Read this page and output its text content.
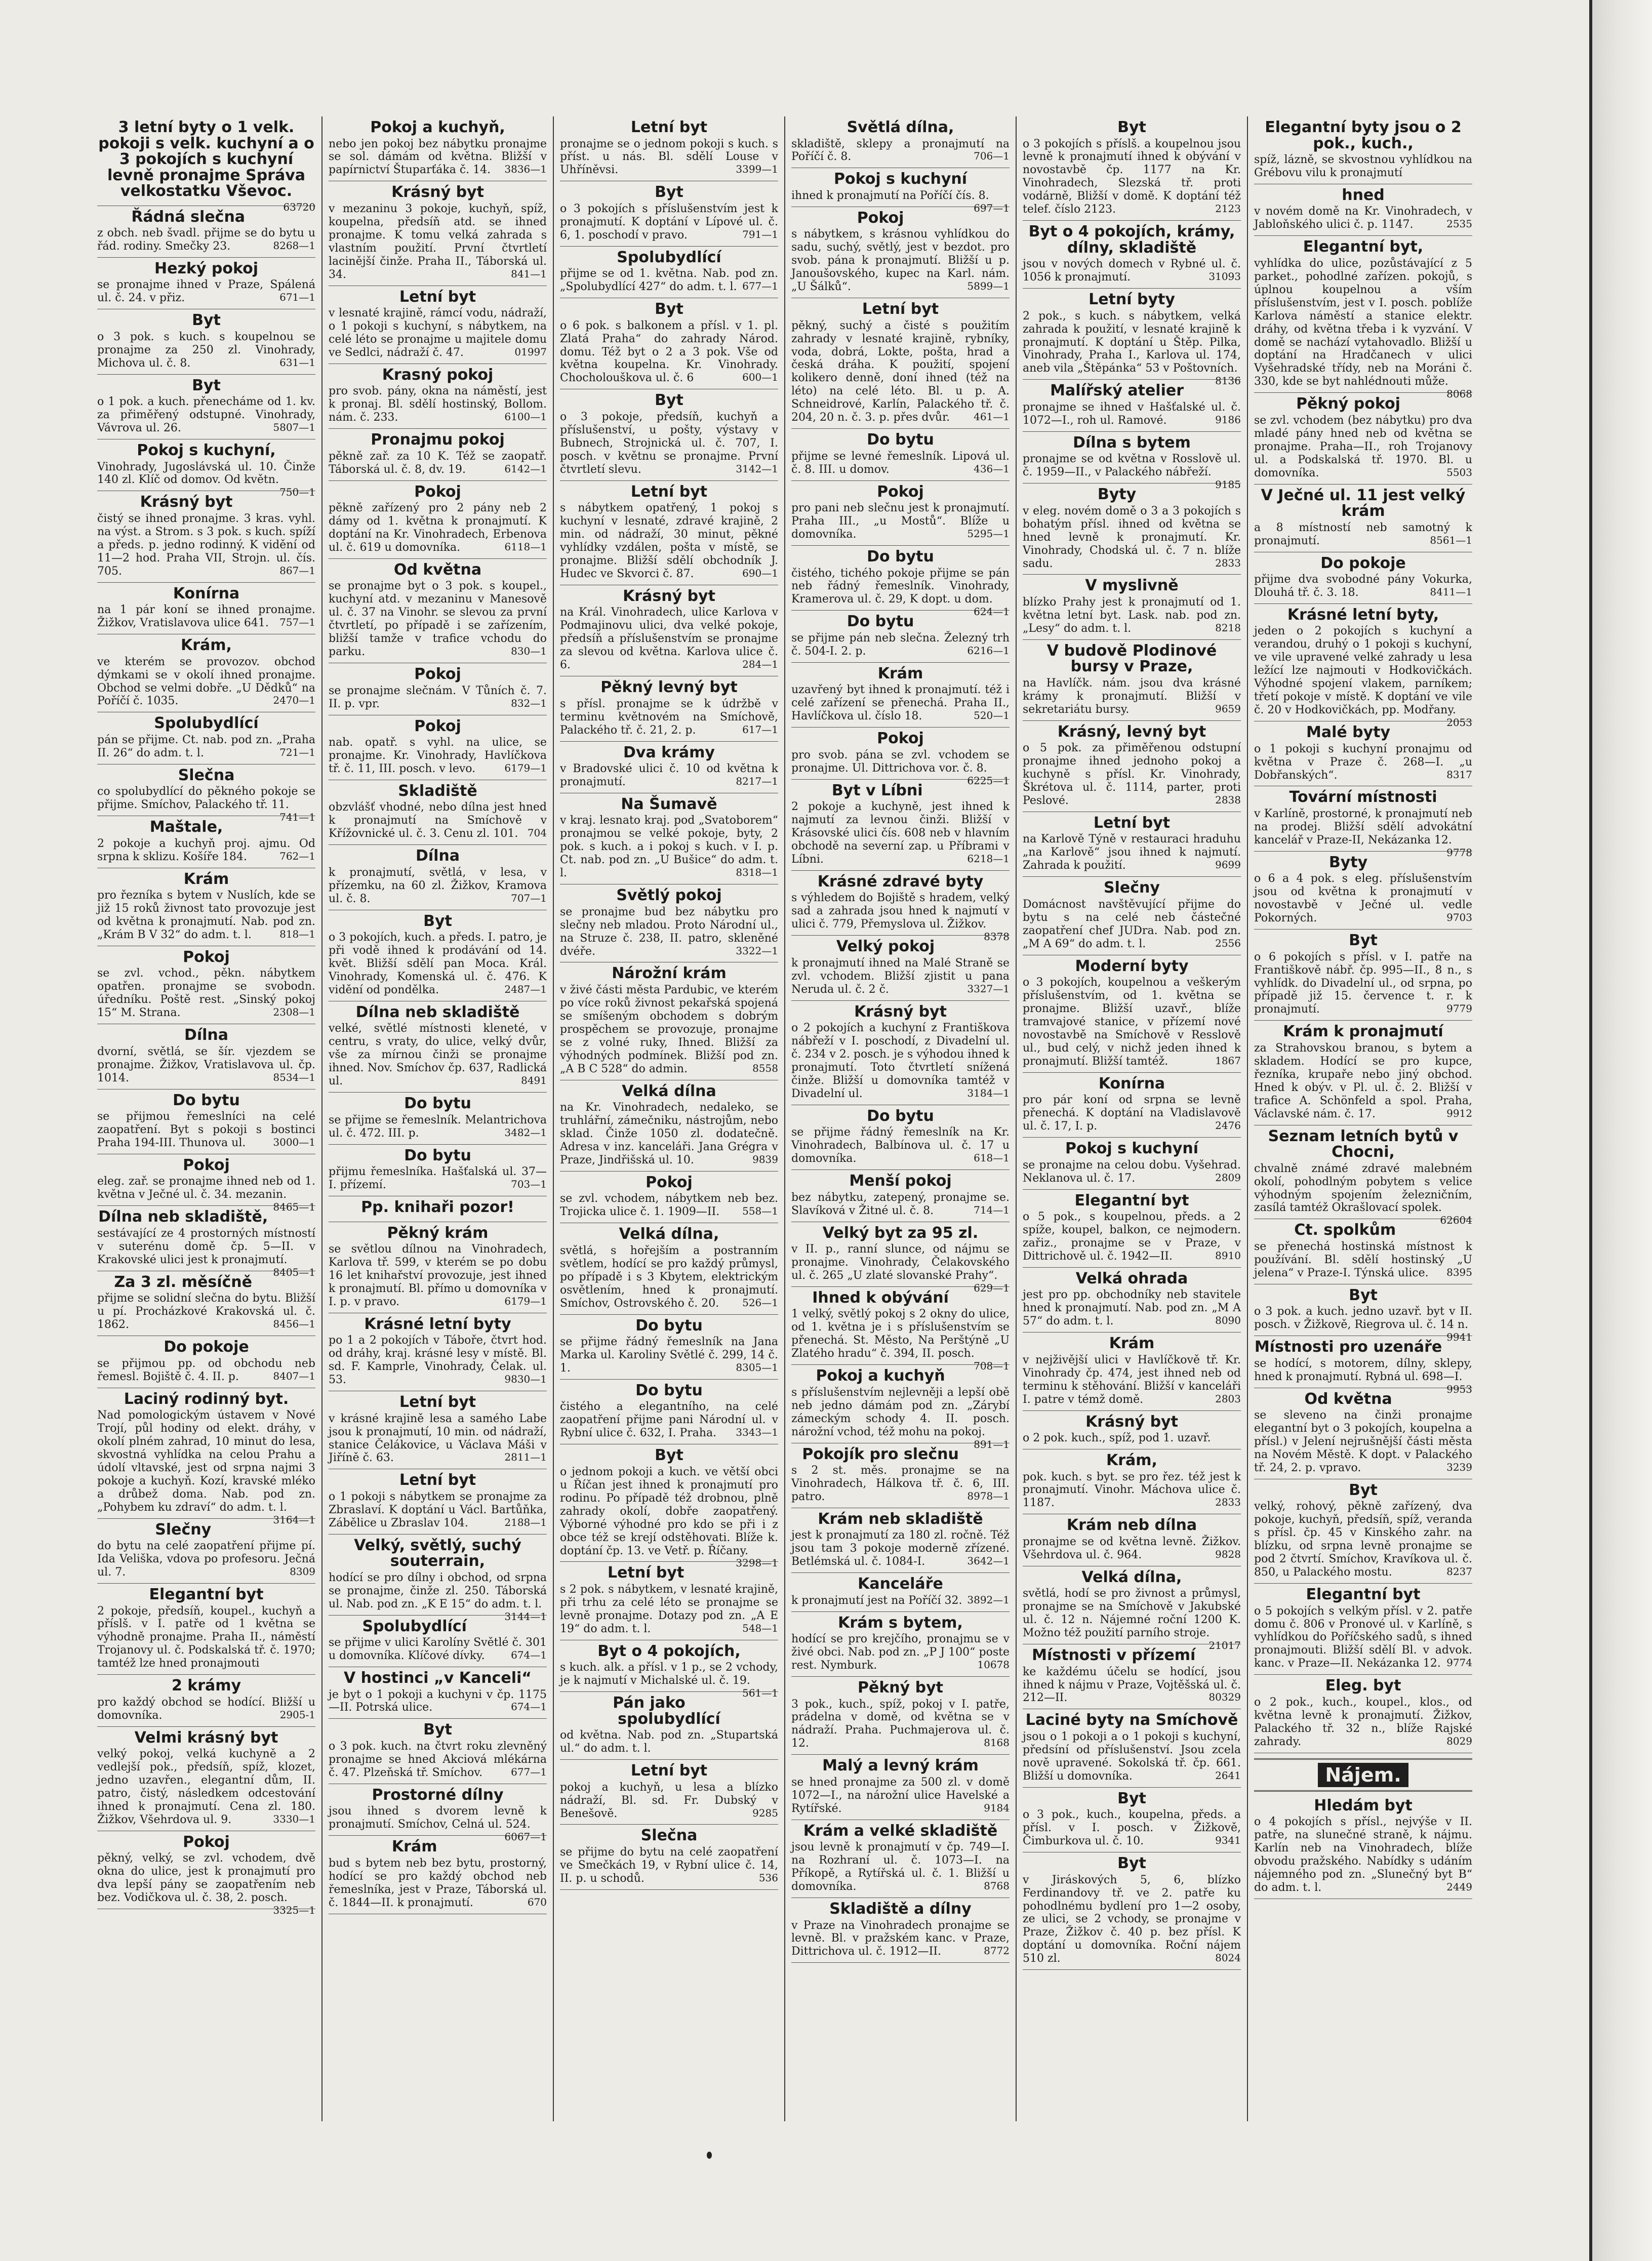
3 letní byty o 1 velk. pokoji s velk. kuchyní a o 3 pokojích s kuchyní levně pronajme Správa velkostatku Vševoc.

63720

Řádná slečna

z obch. neb švadl. přijme se do bytu u řád. rodiny. Smečky 23.	8268—1

Hezký pokoj

se pronajme ihned v Praze, Spálená ul. č. 24. v přiz.	671—1

Byt

o 3 pok. s kuch. s koupelnou se pronajme za 250 zl. Vinohrady, Michova ul. č. 8.	631—1

Byt

o 1 pok. a kuch. přenecháme od 1. kv. za přiměřený odstupné. Vinohrady, Vávrova ul. 26.	5807—1

Pokoj s kuchyní,

Vinohrady, Jugoslávská ul. 10. Činže 140 zl. Klíč od domov. Od květn.
750—1

Krásný byt

čistý se ihned pronajme. 3 kras. vyhl. na výst. a Strom. s 3 pok. s kuch. spíží a předs. p. jedno rodinný. K vidění od 11—2 hod. Praha VII, Strojn. ul. čís. 705.	867—1

Konírna

na 1 pár koní se ihned pronajme. Žižkov, Vratislavova ulice 641. 757—1

Krám,

ve kterém se provozov. obchod dýmkami se v okolí ihned pronajme. Obchod se velmi dobře. „U Dědků“ na Poříčí č. 1035.	2470—1

Spolubydlící

pán se přijme. Ct. nab. pod zn. „Praha II. 26“ do adm. t. l.	721—1

Slečna

co spolubydlící do pěkného pokoje se přijme. Smíchov, Palackého tř. 11.
741—1

Maštale,

2 pokoje a kuchyň proj. ajmu. Od srpna k sklizu. Košíře 184.	762—1

Krám

pro řezníka s bytem v Nuslích, kde se již 15 roků živnost tato provozuje jest od května k pronajmutí. Nab. pod zn. „Krám B V 32“ do adm. t. l.	818—1

Pokoj

se zvl. vchod., pěkn. nábytkem opatřen. pronajme se svobodn. úředníku. Poště rest. „Sinský pokoj 15“ M. Strana.	2308—1

Dílna

dvorní, světlá, se šír. vjezdem se pronajme. Žižkov, Vratislavova ul. čp. 1014.	8534—1

Do bytu

se přijmou řemeslníci na celé zaopatření. Byt s pokoji s bostinci Praha 194-III. Thunova ul.	3000—1

Pokoj

eleg. zař. se pronajme ihned neb od 1. května v Ječné ul. č. 34. mezanin.
8465—1

Dílna neb skladiště,

sestávající ze 4 prostorných místností v suterénu domě čp. 5—II. v Krakovské ulici jest k pronajmutí.
8405—1

Za 3 zl. měsíčně

přijme se solidní slečna do bytu. Bližší u pí. Procházkové Krakovská ul. č. 1862.	8456—1

Do pokoje

se přijmou pp. od obchodu neb řemesl. Bojiště č. 4. II. p.	8407—1

Laciný rodinný byt.

Nad pomologickým ústavem v Nové Trojí, půl hodiny od elekt. dráhy, v okolí plném zahrad, 10 minut do lesa, skvostná vyhlídka na celou Prahu a údolí vltavské, jest od srpna najmi 3 pokoje a kuchyň. Kozí, kravské mléko a drůbež doma. Nab. pod zn. „Pohybem ku zdraví“ do adm. t. l.
3164—1

Slečny

do bytu na celé zaopatření přijme pí. Ida Veliška, vdova po profesoru. Ječná ul. 7.	8309

Elegantní byt

2 pokoje, předsíň, koupel., kuchyň a příslš. v I. patře od 1 května se výhodně pronajme. Praha II., náměstí Trojanovy ul. č. Podskalská tř. č. 1970; tamtéž lze hned pronajmouti

2 krámy

pro každý obchod se hodící. Bližší u domovníka.	2905-1

Velmi krásný byt

velký pokoj, velká kuchyně a 2 vedlejší pok., předsíň, spíž, klozet, jedno uzavřen., elegantní dům, II. patro, čistý, následkem odcestování ihned k pronajmutí. Cena zl. 180. Žižkov, Všehrdova ul. 9.	3330—1

Pokoj

pěkný, velký, se zvl. vchodem, dvě okna do ulice, jest k pronajmutí pro dva lepší pány se zaopatřením neb bez. Vodičkova ul. č. 38, 2. posch.
3325—1

Pokoj a kuchyň,

nebo jen pokoj bez nábytku pronajme se sol. dámám od května. Bližší v papírnictví Štuparťáka č. 14. 3836—1

Krásný byt

v mezaninu 3 pokoje, kuchyň, spíž, koupelna, předsíň atd. se ihned pronajme. K tomu velká zahrada s vlastním použití. První čtvrtletí lacinější činže. Praha II., Táborská ul. 34.	841—1

Letní byt

v lesnaté krajině, rámcí vodu, nádraží, o 1 pokoji s kuchyní, s nábytkem, na celé léto se pronajme u majitele domu ve Sedlci, nádraží č. 47.	01997

Krasný pokoj

pro svob. pány, okna na náměstí, jest k pronaj. Bl. sdělí hostinský, Bollom. nám. č. 233.	6100—1

Pronajmu pokoj

pěkně zař. za 10 K. Též se zaopatř. Táborská ul. č. 8, dv. 19.	6142—1

Pokoj

pěkně zařízený pro 2 pány neb 2 dámy od 1. května k pronajmutí. K doptání na Kr. Vinohradech, Erbenova ul. č. 619 u domovníka.	6118—1

Od května

se pronajme byt o 3 pok. s koupel., kuchyní atd. v mezaninu v Manesově ul. č. 37 na Vinohr. se slevou za první čtvrtletí, po případě i se zařízením, bližší tamže v trafice vchodu do parku.	830—1

Pokoj

se pronajme slečnám. V Tůních č. 7. II. p. vpr.	832—1

Pokoj

nab. opatř. s vyhl. na ulice, se pronajme. Kr. Vinohrady, Havlíčkova tř. č. 11, III. posch. v levo.	6179—1

Skladiště

obzvlášť vhodné, nebo dílna jest hned k pronajmutí na Smíchově v Křížovnické ul. č. 3. Cenu zl. 101. 704

Dílna

k pronajmutí, světlá, v lesa, v přízemku, na 60 zl. Žižkov, Kramova ul. č. 8.	707—1

Byt

o 3 pokojích, kuch. a předs. I. patro, je při vodě ihned k prodávání od 14. květ. Bližší sdělí pan Moca. Král. Vinohrady, Komenská ul. č. 476. K vidění od pondělka.	2487—1

Dílna neb skladiště

velké, světlé místnosti kleneté, v centru, s vraty, do ulice, velký dvůr, vše za mírnou činži se pronajme ihned. Nov. Smíchov čp. 637, Radlická ul.	8491

Do bytu

se přijme se řemeslník. Melantrichova ul. č. 472. III. p.	3482—1

Do bytu

přijmu řemeslníka. Hašťalská ul. 37—I. přízemí.	703—1

Pp. knihaři pozor!

Pěkný krám

se světlou dílnou na Vinohradech, Karlova tř. 599, v kterém se po dobu 16 let knihařství provozuje, jest ihned k pronajmutí. Bl. přímo u domovníka v I. p. v pravo.	6179—1

Krásné letní byty

po 1 a 2 pokojích v Táboře, čtvrt hod. od dráhy, kraj. krásné lesy v místě. Bl. sd. F. Kamprle, Vinohrady, Čelak. ul. 53.	9830—1

Letní byt

v krásné krajině lesa a samého Labe jsou k pronajmutí, 10 min. od nádraží, stanice Čelákovice, u Václava Máši v Jiříně č. 63.	2811—1

Letní byt

o 1 pokoji s nábytkem se pronajme za Zbraslaví. K doptání u Václ. Bartůňka, Zábělice u Zbraslav 104.	2188—1

Velký, světlý, suchý souterrain,

hodící se pro dílny i obchod, od srpna se pronajme, činže zl. 250. Táborská ul. Nab. pod zn. „K E 15“ do adm. t. l.
3144—1

Spolubydlící

se přijme v ulici Karolíny Světlé č. 301 u domovníka. Klíčové dívky.	674—1

V hostinci „v Kanceli“

je byt o 1 pokoji a kuchyni v čp. 1175—II. Potrská ulice.	674—1

Byt

o 3 pok. kuch. na čtvrt roku zlevněný pronajme se hned Akciová mlékárna č. 47. Plzeňská tř. Smíchov.	677—1

Prostorné dílny

jsou ihned s dvorem levně k pronajmutí. Smíchov, Celná ul. 524.
6067—1

Krám

bud s bytem neb bez bytu, prostorný, hodící se pro každý obchod neb řemeslníka, jest v Praze, Táborská ul. č. 1844—II. k pronajmutí.	670

Letní byt

pronajme se o jednom pokoji s kuch. s příst. u nás. Bl. sdělí Louse v Uhříněvsi.	3399—1

Byt

o 3 pokojích s příslušenstvím jest k pronajmutí. K doptání v Lípové ul. č. 6, 1. poschodí v pravo.	791—1

Spolubydlící

přijme se od 1. května. Nab. pod zn. „Spolubydlící 427“ do adm. t. l. 677—1

Byt

o 6 pok. s balkonem a přísl. v 1. pl. Zlatá Praha“ do zahrady Národ. domu. Též byt o 2 a 3 pok. Vše od května koupelna. Kr. Vinohrady. Chocholouškova ul. č. 6	600—1

Byt

o 3 pokoje, předsíň, kuchyň a příslušenství, u pošty, výstavy v Bubnech, Strojnická ul. č. 707, I. posch. v květnu se pronajme. První čtvrtletí slevu.	3142—1

Letní byt

s nábytkem opatřený, 1 pokoj s kuchyní v lesnaté, zdravé krajině, 2 min. od nádraží, 30 minut, pěkné vyhlídky vzdálen, pošta v místě, se pronajme. Bližší sdělí obchodník J. Hudec ve Skvorci č. 87.	690—1

Krásný byt

na Král. Vinohradech, ulice Karlova v Podmajinovu ulici, dva velké pokoje, předsíň a příslušenstvím se pronajme za slevou od května. Karlova ulice č. 6.	284—1

Pěkný levný byt

s přísl. pronajme se k údržbě v terminu květnovém na Smíchově, Palackého tř. č. 21, 2. p.	617—1

Dva krámy

v Bradovské ulici č. 10 od května k pronajmutí.	8217—1

Na Šumavě

v kraj. lesnato kraj. pod „Svatoborem“ pronajmou se velké pokoje, byty, 2 pok. s kuch. a i pokoj s kuch. v I. p. Ct. nab. pod zn. „U Bušice“ do adm. t. l.	8318—1

Světlý pokoj

se pronajme bud bez nábytku pro slečny neb mladou. Proto Národní ul., na Struze č. 238, II. patro, skleněné dvéře.	3322—1

Nárožní krám

v živé části města Pardubic, ve kterém po více roků živnost pekařská spojená se smíšeným obchodem s dobrým prospěchem se provozuje, pronajme se z volné ruky, Ihned. Bližší za výhodných podmínek. Bližší pod zn. „A B C 528“ do admin.	8558

Velká dílna

na Kr. Vinohradech, nedaleko, se truhlářní, zámečniku, nástrojům, nebo sklad. Činže 1050 zl. dodatečně. Adresa v inz. kanceláři. Jana Grégra v Praze, Jindřišská ul. 10.	9839

Pokoj

se zvl. vchodem, nábytkem neb bez. Trojicka ulice č. 1. 1909—II. 558—1

Velká dílna,

světlá, s hořejším a postranním světlem, hodící se pro každý průmysl, po případě i s 3 Kbytem, elektrickým osvětlením, hned k pronajmutí. Smíchov, Ostrovského č. 20. 526—1

Do bytu

se přijme řádný řemeslník na Jana Marka ul. Karoliny Světlé č. 299, 14 č. 1.	8305—1

Do bytu

čistého a elegantního, na celé zaopatření přijme pani Národní ul. v Rybní ulice č. 632, I. Praha. 3343—1

Byt

o jednom pokoji a kuch. ve větší obci u Říčan jest ihned k pronajmutí pro rodinu. Po případě též drobnou, plně zahrady okolí, dobře zaopatřený. Výborné výhodné pro kdo se při i z obce též se krejí odstěhovati. Blíže k. doptání čp. 13. ve Vetř. p. Říčany.
3298—1

Letní byt

s 2 pok. s nábytkem, v lesnaté krajině, při trhu za celé léto se pronajme se levně pronajme. Dotazy pod zn. „A E 19“ do adm. t. l.	548—1

Byt o 4 pokojích,

s kuch. alk. a přísl. v 1 p., se 2 vchody, je k najmutí v Michalské ul. č. 19.
561—1

Pán jako spolubydlící

od května. Nab. pod zn. „Stupartská ul.“ do adm. t. l.

Letní byt

pokoj a kuchyň, u lesa a blízko nádraží, Bl. sd. Fr. Dubský v Benešově.	9285

Slečna

se přijme do bytu na celé zaopatření ve Smečkách 19, v Rybní ulice č. 14, II. p. u schodů.	536

Světlá dílna,

skladiště, sklepy a pronajmutí na Poříčí č. 8.	706—1

Pokoj s kuchyní

ihned k pronajmutí na Poříčí čís. 8.
697—1

Pokoj

s nábytkem, s krásnou vyhlídkou do sadu, suchý, světlý, jest v bezdot. pro svob. pána k pronajmutí. Bližší u p. Janoušovského, kupec na Karl. nám. „U Šálků“.	5899—1

Letní byt

pěkný, suchý a čisté s použitím zahrady v lesnaté krajině, rybníky, voda, dobrá, Lokte, pošta, hrad a česká dráha. K použití, spojení kolikero denně, doní ihned (též na léto) na celé léto. Bl. u p. A. Schneidrové, Karlín, Palackého tř. č. 204, 20 n. č. 3. p. přes dvůr. 461—1

Do bytu

přijme se levné řemeslník. Lipová ul. č. 8. III. u domov.	436—1

Pokoj

pro pani neb slečnu jest k pronajmutí. Praha III., „u Mostů“. Blíže u domovníka.	5295—1

Do bytu

čistého, tichého pokoje přijme se pán neb řádný řemeslník. Vinohrady, Kramerova ul. č. 29, K dopt. u dom.
624—1

Do bytu

se přijme pán neb slečna. Železný trh č. 504-I. 2. p.	6216—1

Krám

uzavřený byt ihned k pronajmutí. též i celé zařízení se přenechá. Praha II., Havlíčkova ul. číslo 18.	520—1

Pokoj

pro svob. pána se zvl. vchodem se pronajme. Ul. Dittrichova vor. č. 8.
6225—1

Byt v Líbni

2 pokoje a kuchyně, jest ihned k najmutí za levnou činži. Bližší v Krásovské ulici čís. 608 neb v hlavním obchodě na severní zap. u Příbrami v Líbni.	6218—1

Krásné zdravé byty

s výhledem do Bojiště s hradem, velký sad a zahrada jsou hned k najmutí v ulici č. 779, Přemyslova ul. Žižkov.
8378

Velký pokoj

k pronajmutí ihned na Malé Straně se zvl. vchodem. Bližší zjistit u pana Neruda ul. č. 2 č.	3327—1

Krásný byt

o 2 pokojích a kuchyní z Františkova nábřeží v I. poschodí, z Divadelní ul. č. 234 v 2. posch. je s výhodou ihned k pronajmutí. Toto čtvrtletí snížená činže. Bližší u domovníka tamtéž v Divadelní ul.	3184—1

Do bytu

se přijme řádný řemeslník na Kr. Vinohradech, Balbínova ul. č. 17 u domovníka.	618—1

Menší pokoj

bez nábytku, zatepený, pronajme se. Slavíková v Žitné ul. č. 8.	714—1

Velký byt za 95 zl.

v II. p., ranní slunce, od nájmu se pronajme. Vinohrady, Čelakovského ul. č. 265 „U zlaté slovanské Prahy“.
629—1

Ihned k obývání

1 velký, světlý pokoj s 2 okny do ulice, od 1. května je i s příslušenstvím se přenechá. St. Město, Na Perštýně „U Zlatého hradu“ č. 394, II. posch.
708—1

Pokoj a kuchyň

s příslušenstvím nejlevněji a lepší obě neb jedno dámám pod zn. „Zárybí zámeckým schody 4. II. posch. nárožní vchod, též mohu na pokoj.
891—1

Pokojík pro slečnu

s 2 st. měs. pronajme se na Vinohradech, Hálkova tř. č. 6, III. patro.	8978—1

Krám neb skladiště

jest k pronajmutí za 180 zl. ročně. Též jsou tam 3 pokoje moderně zřízené. Betlémská ul. č. 1084-I.	3642—1

Kanceláře

k pronajmutí jest na Poříčí 32. 3892—1

Krám s bytem,

hodící se pro krejčího, pronajmu se v živé obci. Nab. pod zn. „P J 100“ poste rest. Nymburk.	10678

Pěkný byt

3 pok., kuch., spíž, pokoj v I. patře, prádelna v domě, od května se v nádraží. Praha. Puchmajerova ul. č. 12.	8168

Malý a levný krám

se hned pronajme za 500 zl. v domě 1072—I., na nárožní ulice Havelské a Rytířské.	9184

Krám a velké skladiště

jsou levně k pronajmutí v čp. 749—I. na Rozhraní ul. č. 1073—I. na Příkopě, a Rytířská ul. č. 1. Bližší u domovníka.	8768

Skladiště a dílny

v Praze na Vinohradech pronajme se levně. Bl. v pražském kanc. v Praze, Dittrichova ul. č. 1912—II.	8772

Byt

o 3 pokojích s příslš. a koupelnou jsou levně k pronajmutí ihned k obývání v novostavbě čp. 1177 na Kr. Vinohradech, Slezská tř. proti vodárně, Bližší v domě. K doptání též telef. číslo 2123.	2123

Byt o 4 pokojích, krámy, dílny, skladiště

jsou v nových domech v Rybné ul. č. 1056 k pronajmutí.	31093

Letní byty

2 pok., s kuch. s nábytkem, velká zahrada k použití, v lesnaté krajině k pronajmutí. K doptání u Štěp. Pilka, Vinohrady, Praha I., Karlova ul. 174, aneb vila „Štěpánka“ 53 v Poštovních.
8136

Malířský atelier

pronajme se ihned v Hašťalské ul. č. 1072—I., roh ul. Ramové.	9186

Dílna s bytem

pronajme se od května v Rosslově ul. č. 1959—II., v Palackého nábřeží.
9185

Byty

v eleg. novém domě o 3 a 3 pokojích s bohatým přísl. ihned od května se hned levně k pronajmutí. Kr. Vinohrady, Chodská ul. č. 7 n. blíže sadu.	2833

V myslivně

blízko Prahy jest k pronajmutí od 1. května letní byt. Lask. nab. pod zn. „Lesy“ do adm. t. l.	8218

V budově Plodinové bursy v Praze,

na Havlíčk. nám. jsou dva krásné krámy k pronajmutí. Bližší v sekretariátu bursy.	9659

Krásný, levný byt

o 5 pok. za přiměřenou odstupní pronajme ihned jednoho pokoj a kuchyně s přísl. Kr. Vinohrady, Škrétova ul. č. 1114, parter, proti Peslové.	2838

Letní byt

na Karlově Týně v restauraci hraduhu „na Karlově“ jsou ihned k najmutí. Zahrada k použití.	9699

Slečny

Domácnost navštěvující přijme do bytu s na celé neb částečné zaopatření chef JUDra. Nab. pod zn. „M A 69“ do adm. t. l.	2556

Moderní byty

o 3 pokojích, koupelnou a veškerým příslušenstvím, od 1. května se pronajme. Bližší uzavř., blíže tramvajové stanice, v přízemí nové novostavbě na Smíchově v Resslově ul., bud celý, v nichž jeden ihned k pronajmutí. Bližší tamtéž.	1867

Konírna

pro pár koní od srpna se levně přenechá. K doptání na Vladislavově ul. č. 17, I. p.	2476

Pokoj s kuchyní

se pronajme na celou dobu. Vyšehrad. Neklanova ul. č. 17.	2809

Elegantní byt

o 5 pok., s koupelnou, předs. a 2 spíže, koupel, balkon, ce nejmodern. zařiz., pronajme se v Praze, v Dittrichově ul. č. 1942—II.	8910

Velká ohrada

jest pro pp. obchodníky neb stavitele hned k pronajmutí. Nab. pod zn. „M A 57“ do adm. t. l.	8090

Krám

v nejživější ulici v Havlíčkově tř. Kr. Vinohrady čp. 474, jest ihned neb od terminu k stěhování. Bližší v kanceláři I. patre v témž domě.	2803

Krásný byt

o 2 pok. kuch., spíž, pod 1. uzavř.

Krám,

pok. kuch. s byt. se pro řez. též jest k pronajmutí. Vinohr. Máchova ulice č. 1187.	2833

Krám neb dílna

pronajme se od května levně. Žižkov. Všehrdova ul. č. 964.	9828

Velká dílna,

světlá, hodí se pro živnost a průmysl, pronajme se na Smíchově v Jakubské ul. č. 12 n. Nájemné roční 1200 K. Možno též použití parního stroje.
21017

Místnosti v přízemí

ke každému účelu se hodící, jsou ihned k nájmu v Praze, Vojtěšská ul. č. 212—II.	80329

Laciné byty na Smíchově

jsou o 1 pokoji a o 1 pokoji s kuchyní, předsíní od příslušenství. Jsou zcela nově upravené. Sokolská tř. čp. 661. Bližší u domovníka.	2641

Byt

o 3 pok., kuch., koupelna, předs. a přísl. v I. posch. v Žižkově, Čimburkova ul. č. 10.	9341

Byt

v Jiráskových 5, 6, blízko Ferdinandovy tř. ve 2. patře ku pohodlnému bydlení pro 1—2 osoby, ze ulici, se 2 vchody, se pronajme v Praze, Žižkov č. 40 p. bez přísl. K doptání u domovníka. Roční nájem 510 zl.	8024

Elegantní byty jsou o 2 pok., kuch.,

spíž, lázně, se skvostnou vyhlídkou na Grébovu vilu k pronajmutí

hned

v novém domě na Kr. Vinohradech, v Jabloňského ulici č. p. 1147.	2535

Elegantní byt,

vyhlídka do ulice, pozůstávající z 5 parket., pohodlné zařízen. pokojů, s úplnou koupelnou a vším příslušenstvím, jest v I. posch. poblíže Karlova náměstí a stanice elektr. dráhy, od května třeba i k vyzvání. V domě se nachází vytahovadlo. Bližší u doptání na Hradčanech v ulici Vyšehradské třídy, neb na Moráni č. 330, kde se byt nahlédnouti může.
8068

Pěkný pokoj

se zvl. vchodem (bez nábytku) pro dva mladé pány hned neb od května se pronajme. Praha—II., roh Trojanovy ul. a Podskalská tř. 1970. Bl. u domovníka.	5503

V Ječné ul. 11 jest velký krám

a 8 místností neb samotný k pronajmutí.	8561—1

Do pokoje

přijme dva svobodné pány Vokurka, Dlouhá tř. č. 3. 18.	8411—1

Krásné letní byty,

jeden o 2 pokojích s kuchyní a verandou, druhý o 1 pokoji s kuchyní, ve vile upravené velké zahrady u lesa ležící lze najmouti v Hodkovičkách. Výhodné spojení vlakem, parníkem; třetí pokoje v místě. K doptání ve vile č. 20 v Hodkovičkách, pp. Modřany.
2053

Malé byty

o 1 pokoji s kuchyní pronajmu od května v Praze č. 268—I. „u Dobřanských“.	8317

Tovární místnosti

v Karlíně, prostorné, k pronajmutí neb na prodej. Bližší sdělí advokátní kancelář v Praze-II, Nekázanka 12.
9778

Byty

o 6 a 4 pok. s eleg. příslušenstvím jsou od května k pronajmutí v novostavbě v Ječné ul. vedle Pokorných.	9703

Byt

o 6 pokojích s přísl. v I. patře na Františkově nábř. čp. 995—II., 8 n., s vyhlídk. do Divadelní ul., od srpna, po případě již 15. července t. r. k pronajmutí.	9779

Krám k pronajmutí

za Strahovskou branou, s bytem a skladem. Hodící se pro kupce, řezníka, krupaře nebo jiný obchod. Hned k obýv. v Pl. ul. č. 2. Bližší v trafice A. Schönfeld a spol. Praha, Václavské nám. č. 17.	9912

Seznam letních bytů v Chocni,

chvalně známé zdravé malebném okolí, pohodlným pobytem s velice výhodným spojením železničním, zasílá tamtéž Okrašlovací spolek.
62604

Ct. spolkům

se přenechá hostinská místnost k používání. Bl. sdělí hostinský „U jelena“ v Praze-I. Týnská ulice. 8395

Byt

o 3 pok. a kuch. jedno uzavř. byt v II. posch. v Žižkově, Riegrova ul. č. 14 n.
9941

Místnosti pro uzenáře

se hodící, s motorem, dílny, sklepy, hned k pronajmutí. Rybná ul. 698—I.
9953

Od května

se sleveno na činži pronajme elegantní byt o 3 pokojích, koupelna a přísl.) v Jelení nejrušnější části města na Novém Městě. K dopt. v Palackého tř. 24, 2. p. vpravo.	3239

Byt

velký, rohový, pěkně zařízený, dva pokoje, kuchyň, předsíň, spíž, veranda s přísl. čp. 45 v Kinského zahr. na blízku, od srpna levně pronajme se pod 2 čtvrtí. Smíchov, Kravíkova ul. č. 850, u Palackého mostu.	8237

Elegantní byt

o 5 pokojích s velkým přísl. v 2. patře domu č. 806 v Pronové ul. v Karlíně, s vyhlídkou do Poříčského sadů, s ihned pronajmouti. Bližší sdělí Bl. v advok. kanc. v Praze—II. Nekázanka 12. 9774

Eleg. byt

o 2 pok., kuch., koupel., klos., od května levně k pronajmutí. Žižkov, Palackého tř. 32 n., blíže Rajské zahrady.	8029

Nájem.
Hledám byt

o 4 pokojích s přísl., nejvýše v II. patře, na slunečné straně, k nájmu. Karlín neb na Vinohradech, blíže obvodu pražského. Nabídky s udáním nájemného pod zn. „Slunečný byt B“ do adm. t. l.	2449
